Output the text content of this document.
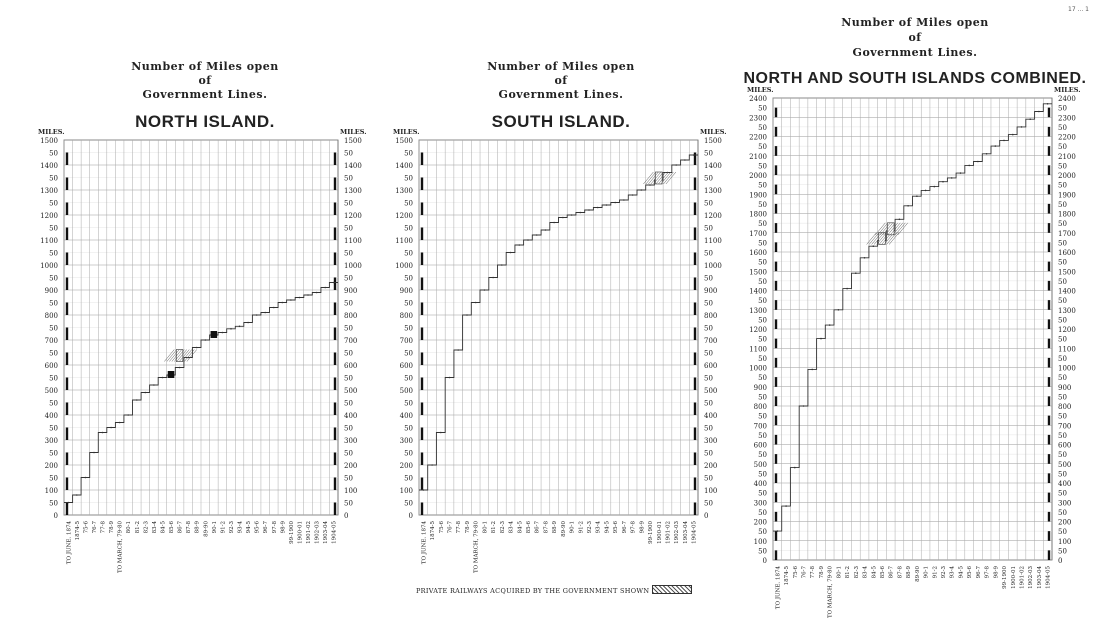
17 ... 1
Number of Miles open
of
Government Lines.
NORTH ISLAND.
0	0
50	50
100	100
50	50
200	200
50	50
300	300
50	50
400	400
50	50
500	500
50	50
600	600
50	50
700	700
50	50
800	800
50	50
900	900
50	50
1000	1000
50	50
1100	1100
50	50
1200	1200
50	50
1300	1300
50	50
1400	1400
50	50
1500	1500
MILES.	MILES.
TO JUNE. 1874 1874-5 75-6 76-7 77-8 78-9 TO MARCH, 79-80 80-1 81-2 82-3 83-4 84-5 85-6 86-7 87-8 88-9 89-90 90-1 91-2 92-3 93-4 94-5 95-6 96-7 97-8 98-9 99-1900 1900-01 1901-02 1902-03 1903-04 1904-05
Number of Miles open
of
Government Lines.
SOUTH ISLAND.
0	0
50	50
100	100
50	50
200	200
50	50
300	300
50	50
400	400
50	50
500	500
50	50
600	600
50	50
700	700
50	50
800	800
50	50
900	900
50	50
1000	1000
50	50
1100	1100
50	50
1200	1200
50	50
1300	1300
50	50
1400	1400
50	50
1500	1500
MILES.	MILES.
TO JUNE. 1874 1874-5 75-6 76-7 77-8 78-9 TO MARCH, 79-80 80-1 81-2 82-3 83-4 84-5 85-6 86-7 87-8 88-9 89-90 90-1 91-2 92-3 93-4 94-5 95-6 96-7 97-8 98-9 99-1900 1900-01 1901-02 1902-03 1903-04 1904-05
Number of Miles open
of
Government Lines.
NORTH AND SOUTH ISLANDS COMBINED.
0	0
50	50
100	100
50	50
200	200
50	50
300	300
50	50
400	400
50	50
500	500
50	50
600	600
50	50
700	700
50	50
800	800
50	50
900	900
50	50
1000	1000
50	50
1100	1100
50	50
1200	1200
50	50
1300	1300
50	50
1400	1400
50	50
1500	1500
50	50
1600	1600
50	50
1700	1700
50	50
1800	1800
50	50
1900	1900
50	50
2000	2000
50	50
2100	2100
50	50
2200	2200
50	50
2300	2300
50	50
2400	2400
MILES.	MILES.
TO JUNE. 1874 1874-5 75-6 76-7 77-8 78-9 TO MARCH, 79-80 80-1 81-2 82-3 83-4 84-5 85-6 86-7 87-8 88-9 89-90 90-1 91-2 92-3 93-4 94-5 95-6 96-7 97-8 98-9 99-1900 1900-01 1901-02 1902-03 1903-04 1904-05
PRIVATE RAILWAYS ACQUIRED BY THE GOVERNMENT SHOWN
